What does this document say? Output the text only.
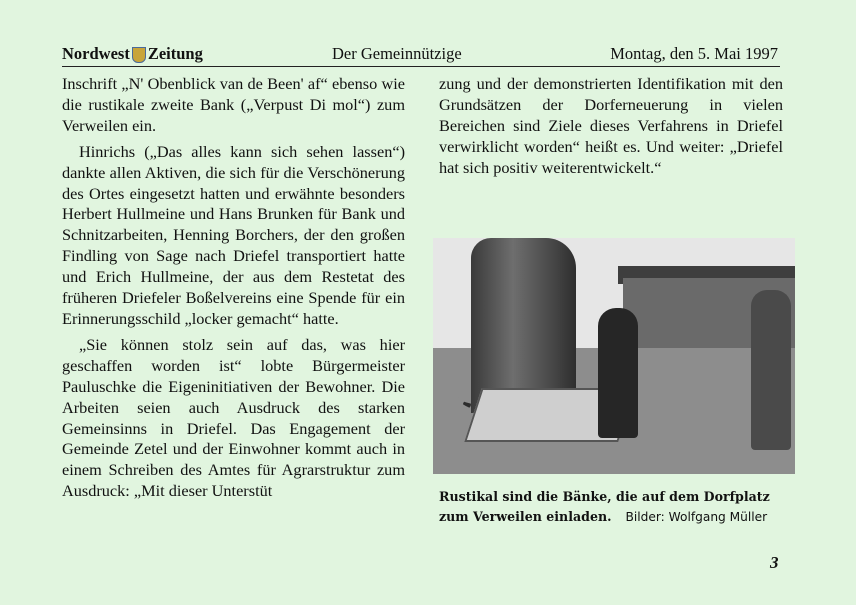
Nordwest Zeitung	Der Gemeinnützige	Montag, den 5. Mai 1997

Inschrift „N' Obenblick van de Been' af“ ebenso wie die rustikale zweite Bank („Verpust Di mol“) zum Verweilen ein.

Hinrichs („Das alles kann sich sehen lassen“) dankte allen Aktiven, die sich für die Verschönerung des Ortes eingesetzt hatten und erwähnte besonders Herbert Hullmeine und Hans Brunken für Bank und Schnitzarbeiten, Henning Borchers, der den großen Findling von Sage nach Driefel transportiert hatte und Erich Hullmeine, der aus dem Restetat des früheren Driefeler Boßelvereins eine Spende für ein Erinnerungsschild „locker gemacht“ hatte.

„Sie können stolz sein auf das, was hier geschaffen worden ist“ lobte Bürgermeister Pauluschke die Eigeninitiativen der Bewohner. Die Arbeiten seien auch Ausdruck des starken Gemeinsinns in Driefel. Das Engagement der Gemeinde Zetel und der Einwohner kommt auch in einem Schreiben des Amtes für Agrarstruktur zum Ausdruck: „Mit dieser Unterstüt

zung und der demonstrierten Identifikation mit den Grundsätzen der Dorferneuerung in vielen Bereichen sind Ziele dieses Verfahrens in Driefel verwirklicht worden“ heißt es. Und weiter: „Driefel hat sich positiv weiterentwickelt.“

Rustikal sind die Bänke, die auf dem Dorfplatz zum Verweilen einladen. Bilder: Wolfgang Müller
3
